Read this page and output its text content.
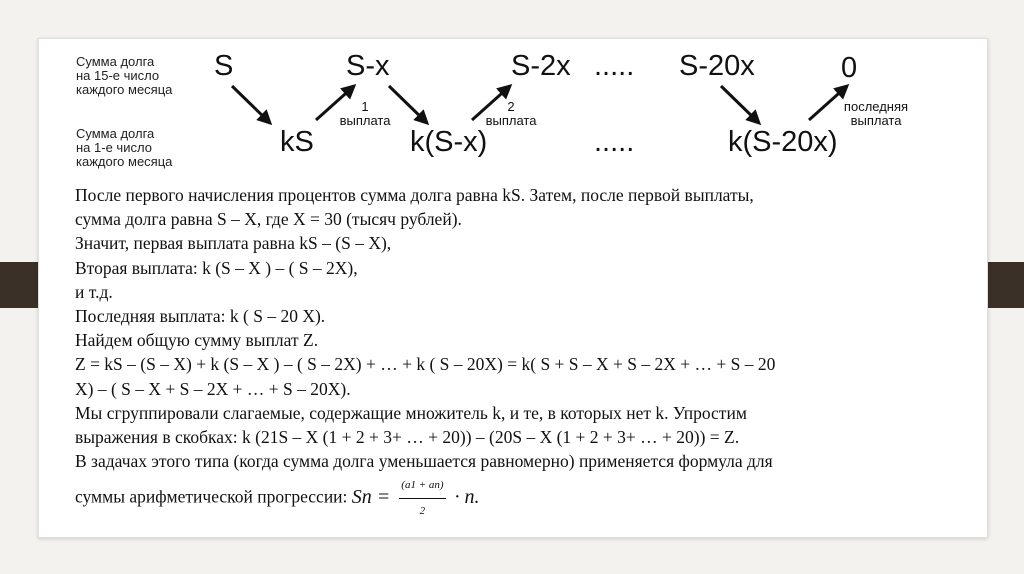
Сумма долга
на 15-е число
каждого месяца
Сумма долга
на 1-е число
каждого месяца
S	S-x	S-2x ..... S-20x	0
kS	k(S-x)	.....	k(S-20x)
1
выплата
2
выплата
последняя
выплата
После первого начисления процентов сумма долга равна kS. Затем, после первой выплаты,
сумма долга равна S – X, где X = 30 (тысяч рублей).
Значит, первая выплата равна kS – (S – X),
Вторая выплата: k (S – X ) – ( S – 2X),
и т.д.
Последняя выплата: k ( S – 20 X).
Найдем общую сумму выплат Z.
Z = kS – (S – X) + k (S – X ) – ( S – 2X) + … + k ( S – 20X) = k( S + S – X + S – 2X + … + S – 20
X) – ( S – X + S – 2X + … + S – 20X).
Мы сгруппировали слагаемые, содержащие множитель k, и те, в которых нет k. Упростим
выражения в скобках: k (21S – X (1 + 2 + 3+ … + 20)) – (20S – X (1 + 2 + 3+ … + 20)) = Z.
В задачах этого типа (когда сумма долга уменьшается равномерно) применяется формула для
суммы арифметической прогрессии: $Sn = \frac{(a1 + an)}{2} \cdot n$.
